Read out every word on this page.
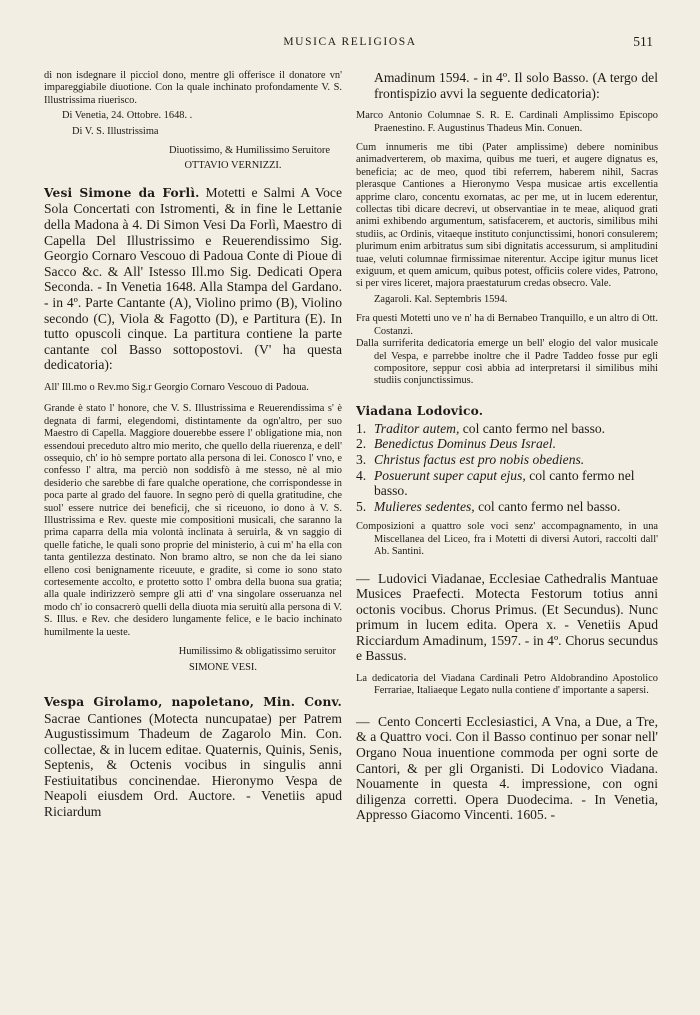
MUSICA RELIGIOSA	511
di non isdegnare il picciol dono, mentre gli offerisce il donatore vn' impareggiabile diuotione. Con la quale inchinato profondamente V. S. Illustrissima riuerisco.
Di Venetia, 24. Ottobre. 1648. .
Di V. S. Illustrissima
Diuotissimo, & Humilissimo Seruitore
OTTAVIO VERNIZZI.
Vesi Simone da Forlì. Motetti e Salmi A Voce Sola Concertati con Istromenti, & in fine le Lettanie della Madona à 4. Di Simon Vesi Da Forlì, Maestro di Capella Del Illustrissimo e Reuerendissimo Sig. Georgio Cornaro Vescouo di Padoua Conte di Pioue di Sacco &c. & All' Istesso Ill.mo Sig. Dedicati Opera Seconda. - In Venetia 1648. Alla Stampa del Gardano. - in 4º. Parte Cantante (A), Violino primo (B), Violino secondo (C), Viola & Fagotto (D), e Partitura (E). In tutto opuscoli cinque. La partitura contiene la parte cantante col Basso sottopostovi. (V' ha questa dedicatoria):
All' Ill.mo o Rev.mo Sig.r Georgio Cornaro Vescouo di Padoua.
Grande è stato l' honore, che V. S. Illustrissima e Reuerendissima s' è degnata di farmi, elegendomi, distintamente da ogn'altro, per suo Maestro di Capella. Maggiore douerebbe essere l' obligatione mia, non essendoui preceduto altro mio merito, che quello della riuerenza, e dell' ossequio, ch' io hò sempre portato alla persona di lei. Conosco l' vno, e confesso l' altra, ma perciò non soddisfò à me stesso, nè al mio desiderio che sarebbe di fare qualche operatione, che corrispondesse in poca parte al grado del fauore. In segno però di quella gratitudine, che suol' essere nutrice dei beneficij, che si riceuono, io dono à V. S. Illustrissima e Rev. queste mie compositioni musicali, che saranno la prima caparra della mia volontà inclinata à seruirla, & vn saggio di quelle fatiche, le quali sono proprie del ministerio, à cui m' ha ella con tanta gentilezza destinato. Non bramo altro, se non che da lei siano elleno così benignamente riceuute, e gradite, sì come io sono stato cortesemente accolto, e protetto sotto l' ombra della buona sua gratia; alla quale indirizzerò sempre gli atti d' vna singolare osseruanza nel modo ch' io consacrerò quelli della diuota mia seruitù alla persona di V. S. Illus. e Rev. che desidero lungamente felice, e le bacio inchinato humilmente la ueste.
Humilissimo & obligatissimo seruitor
SIMONE VESI.
Vespa Girolamo, napoletano, Min. Conv. Sacrae Cantiones (Motecta nuncupatae) per Patrem Augustissimum Thadeum de Zagarolo Min. Con. collectae, & in lucem editae. Quaternis, Quinis, Senis, Septenis, & Octenis vocibus in singulis anni Festiuitatibus concinendae. Hieronymo Vespa de Neapoli eiusdem Ord. Auctore. - Venetiis apud Riciardum
Amadinum 1594. - in 4º. Il solo Basso. (A tergo del frontispizio avvi la seguente dedicatoria):
Marco Antonio Columnae S. R. E. Cardinali Amplissimo Episcopo Praenestino. F. Augustinus Thadeus Min. Conuen.
Cum innumeris me tibi (Pater amplissime) debere nominibus animadverterem, ob maxima, quibus me tueri, et augere dignatus es, beneficia; ac de meo, quod tibi referrem, haberem nihil, Sacras plerasque Cantiones a Hieronymo Vespa musicae artis excellentia apprime claro, concentu exornatas, ac per me, ut in lucem ederentur, collectas tibi dicare decrevi, ut observantiae in te meae, aliquod grati animi exhibendo argumentum, satisfacerem, et auctoris, similibus mihi studiis, ac Ordinis, vitaeque instituto conjunctissimi, honori consulerem; plurimum enim arbitratus sum sibi dignitatis accessurum, si amplitudini tuae, veluti columnae firmissimae niterentur. Accipe igitur munus licet exiguum, et quem amicum, quibus potest, officiis colere vides, Patrono, si per vires liceret, majora praestaturum credas obsecro. Vale.
Zagaroli. Kal. Septembris 1594.
Fra questi Motetti uno ve n' ha di Bernabeo Tranquillo, e un altro di Ott. Costanzi.
Dalla surriferita dedicatoria emerge un bell' elogio del valor musicale del Vespa, e parrebbe inoltre che il Padre Taddeo fosse pur egli compositore, seppur così abbia ad interpretarsi il similibus mihi studiis conjunctissimus.
Viadana Lodovico.
1. Traditor autem, col canto fermo nel basso.
2. Benedictus Dominus Deus Israel.
3. Christus factus est pro nobis obediens.
4. Posuerunt super caput ejus, col canto fermo nel basso.
5. Mulieres sedentes, col canto fermo nel basso.
Composizioni a quattro sole voci senz' accompagnamento, in una Miscellanea del Liceo, fra i Motetti di diversi Autori, raccolti dall' Ab. Santini.
— Ludovici Viadanae, Ecclesiae Cathedralis Mantuae Musices Praefecti. Motecta Festorum totius anni octonis vocibus. Chorus Primus. (Et Secundus). Nunc primum in lucem edita. Opera x. - Venetiis Apud Ricciardum Amadinum, 1597. - in 4º. Chorus secundus e Bassus.
La dedicatoria del Viadana Cardinali Petro Aldobrandino Apostolico Ferrariae, Italiaeque Legato nulla contiene d' importante a sapersi.
— Cento Concerti Ecclesiastici, A Vna, a Due, a Tre, & a Quattro voci. Con il Basso continuo per sonar nell' Organo Noua inuentione commoda per ogni sorte de Cantori, & per gli Organisti. Di Lodovico Viadana. Nouamente in questa 4. impressione, con ogni diligenza corretti. Opera Duodecima. - In Venetia, Appresso Giacomo Vincenti. 1605. -
